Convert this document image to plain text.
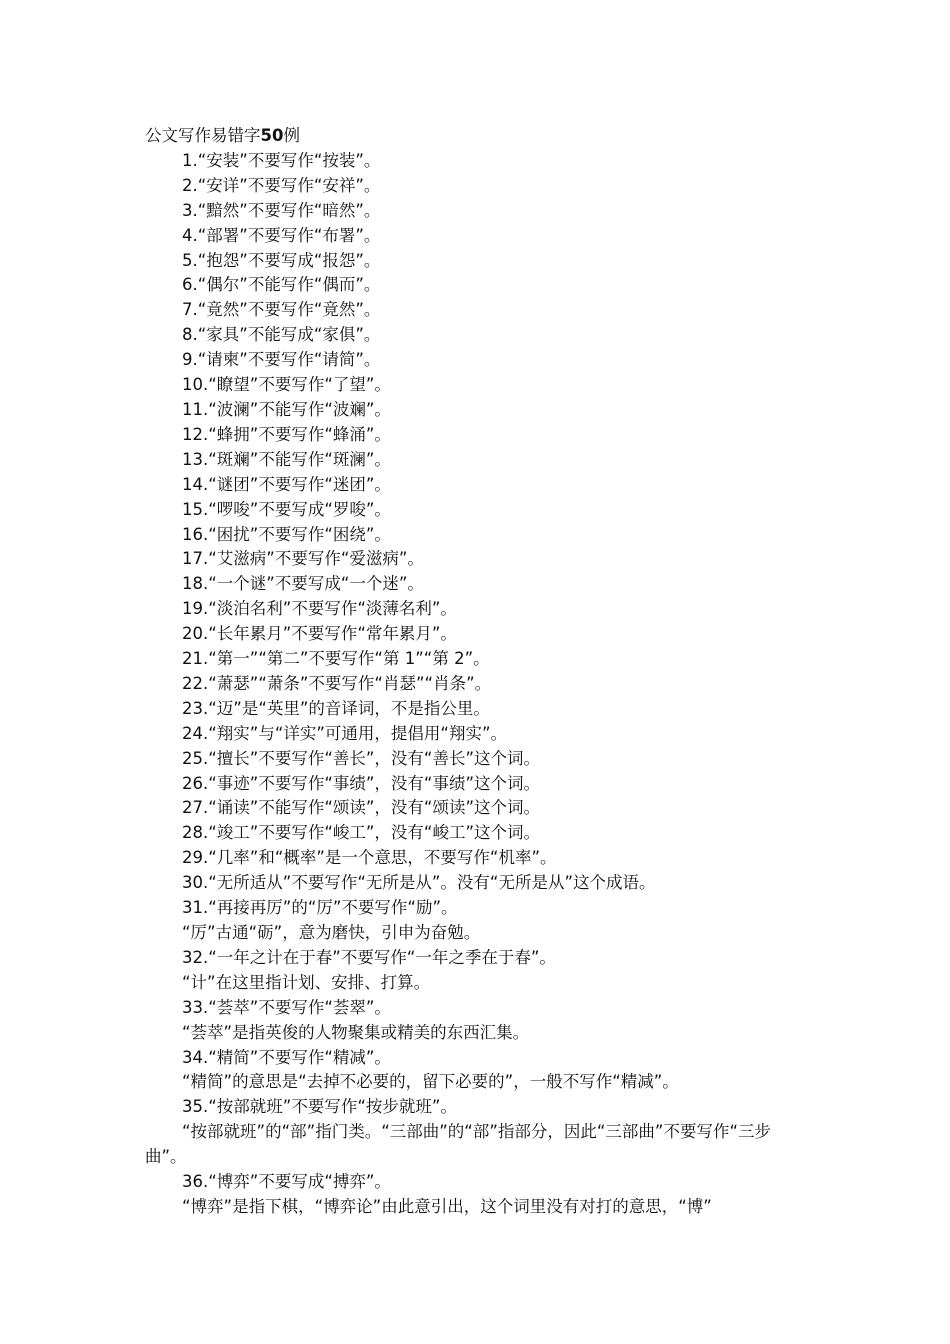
公文写作易错字50例
1.“安装”不要写作“按装”。
2.“安详”不要写作“安祥”。
3.“黯然”不要写作“暗然”。
4.“部署”不要写作“布署”。
5.“抱怨”不要写成“报怨”。
6.“偶尔”不能写作“偶而”。
7.“竟然”不要写作“竟然”。
8.“家具”不能写成“家俱”。
9.“请柬”不要写作“请简”。
10.“瞭望”不要写作“了望”。
11.“波澜”不能写作“波斓”。
12.“蜂拥”不要写作“蜂涌”。
13.“斑斓”不能写作“斑澜”。
14.“谜团”不要写作“迷团”。
15.“啰唆”不要写成“罗唆”。
16.“困扰”不要写作“困绕”。
17.“艾滋病”不要写作“爱滋病”。
18.“一个谜”不要写成“一个迷”。
19.“淡泊名利”不要写作“淡薄名利”。
20.“长年累月”不要写作“常年累月”。
21.“第一”“第二”不要写作“第 1”“第 2”。
22.“萧瑟”“萧条”不要写作“肖瑟”“肖条”。
23.“迈”是“英里”的音译词，不是指公里。
24.“翔实”与“详实”可通用，提倡用“翔实”。
25.“擅长”不要写作“善长”，没有“善长”这个词。
26.“事迹”不要写作“事绩”，没有“事绩”这个词。
27.“诵读”不能写作“颂读”，没有“颂读”这个词。
28.“竣工”不要写作“峻工”，没有“峻工”这个词。
29.“几率”和“概率”是一个意思，不要写作“机率”。
30.“无所适从”不要写作“无所是从”。没有“无所是从”这个成语。
31.“再接再厉”的“厉”不要写作“励”。
“厉”古通“砺”，意为磨快，引申为奋勉。
32.“一年之计在于春”不要写作“一年之季在于春”。
“计”在这里指计划、安排、打算。
33.“荟萃”不要写作“荟翠”。
“荟萃”是指英俊的人物聚集或精美的东西汇集。
34.“精简”不要写作“精减”。
“精简”的意思是“去掉不必要的，留下必要的”，一般不写作“精减”。
35.“按部就班”不要写作“按步就班”。
“按部就班”的“部”指门类。“三部曲”的“部”指部分，因此“三部曲”不要写作“三步曲”。
36.“博弈”不要写成“搏弈”。
“博弈”是指下棋，“博弈论”由此意引出，这个词里没有对打的意思，“博”
